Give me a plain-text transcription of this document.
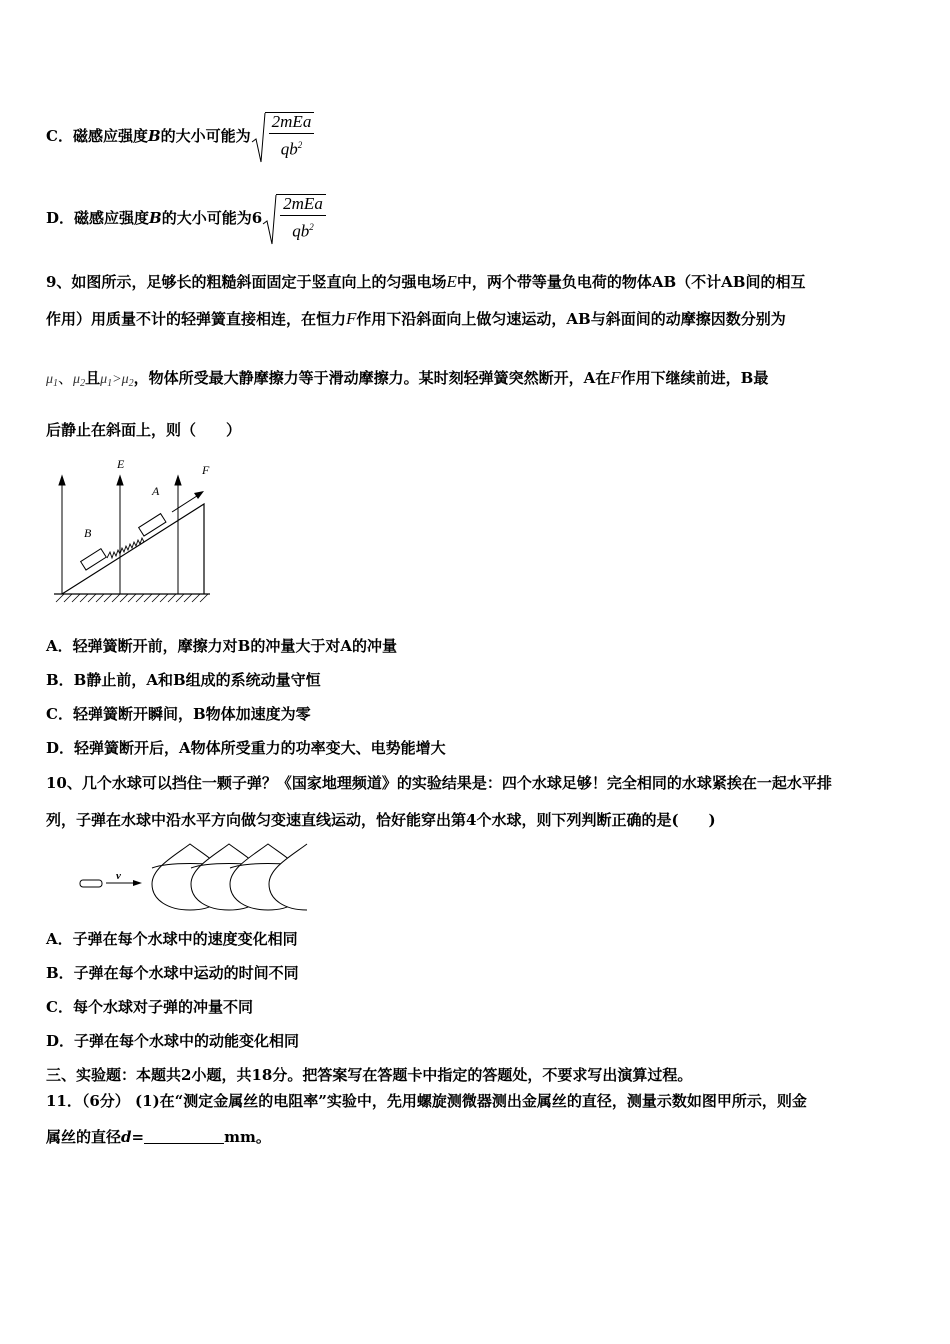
C．磁感应强度 B 的大小可能为 $\frac{\text{2mEa}}{qb^2}$
D．磁感应强度 B 的大小可能为$6 \frac{\text{2mEa}}{qb^2}$
9、如图所示，足够长的粗糙斜面固定于竖直向上的匀强电场E中，两个带等量负电荷的物体AB（不计AB间的相互
作用）用质量不计的轻弹簧直接相连，在恒力F作用下沿斜面向上做匀速运动，AB与斜面间的动摩擦因数分别为
$\mu_1$、$\mu_2$且$\mu_1>\mu_2$，物体所受最大静摩擦力等于滑动摩擦力。某时刻轻弹簧突然断开，A在F作用下继续前进，B最
后静止在斜面上，则（　　）
E	F
A
B
A．轻弹簧断开前，摩擦力对B的冲量大于对A的冲量
B．B静止前，A和B组成的系统动量守恒
C．轻弹簧断开瞬间，B物体加速度为零
D．轻弹簧断开后，A物体所受重力的功率变大、电势能增大
10、几个水球可以挡住一颗子弹？《国家地理频道》的实验结果是：四个水球足够！完全相同的水球紧挨在一起水平排
列，子弹在水球中沿水平方向做匀变速直线运动，恰好能穿出第4个水球，则下列判断正确的是(　　)
v
A．子弹在每个水球中的速度变化相同
B．子弹在每个水球中运动的时间不同
C．每个水球对子弹的冲量不同
D．子弹在每个水球中的动能变化相同
三、实验题：本题共2小题，共18分。把答案写在答题卡中指定的答题处，不要求写出演算过程。
11．（6分） (1)在“测定金属丝的电阻率”实验中，先用螺旋测微器测出金属丝的直径，测量示数如图甲所示，则金
属丝的直径d=	mm。
